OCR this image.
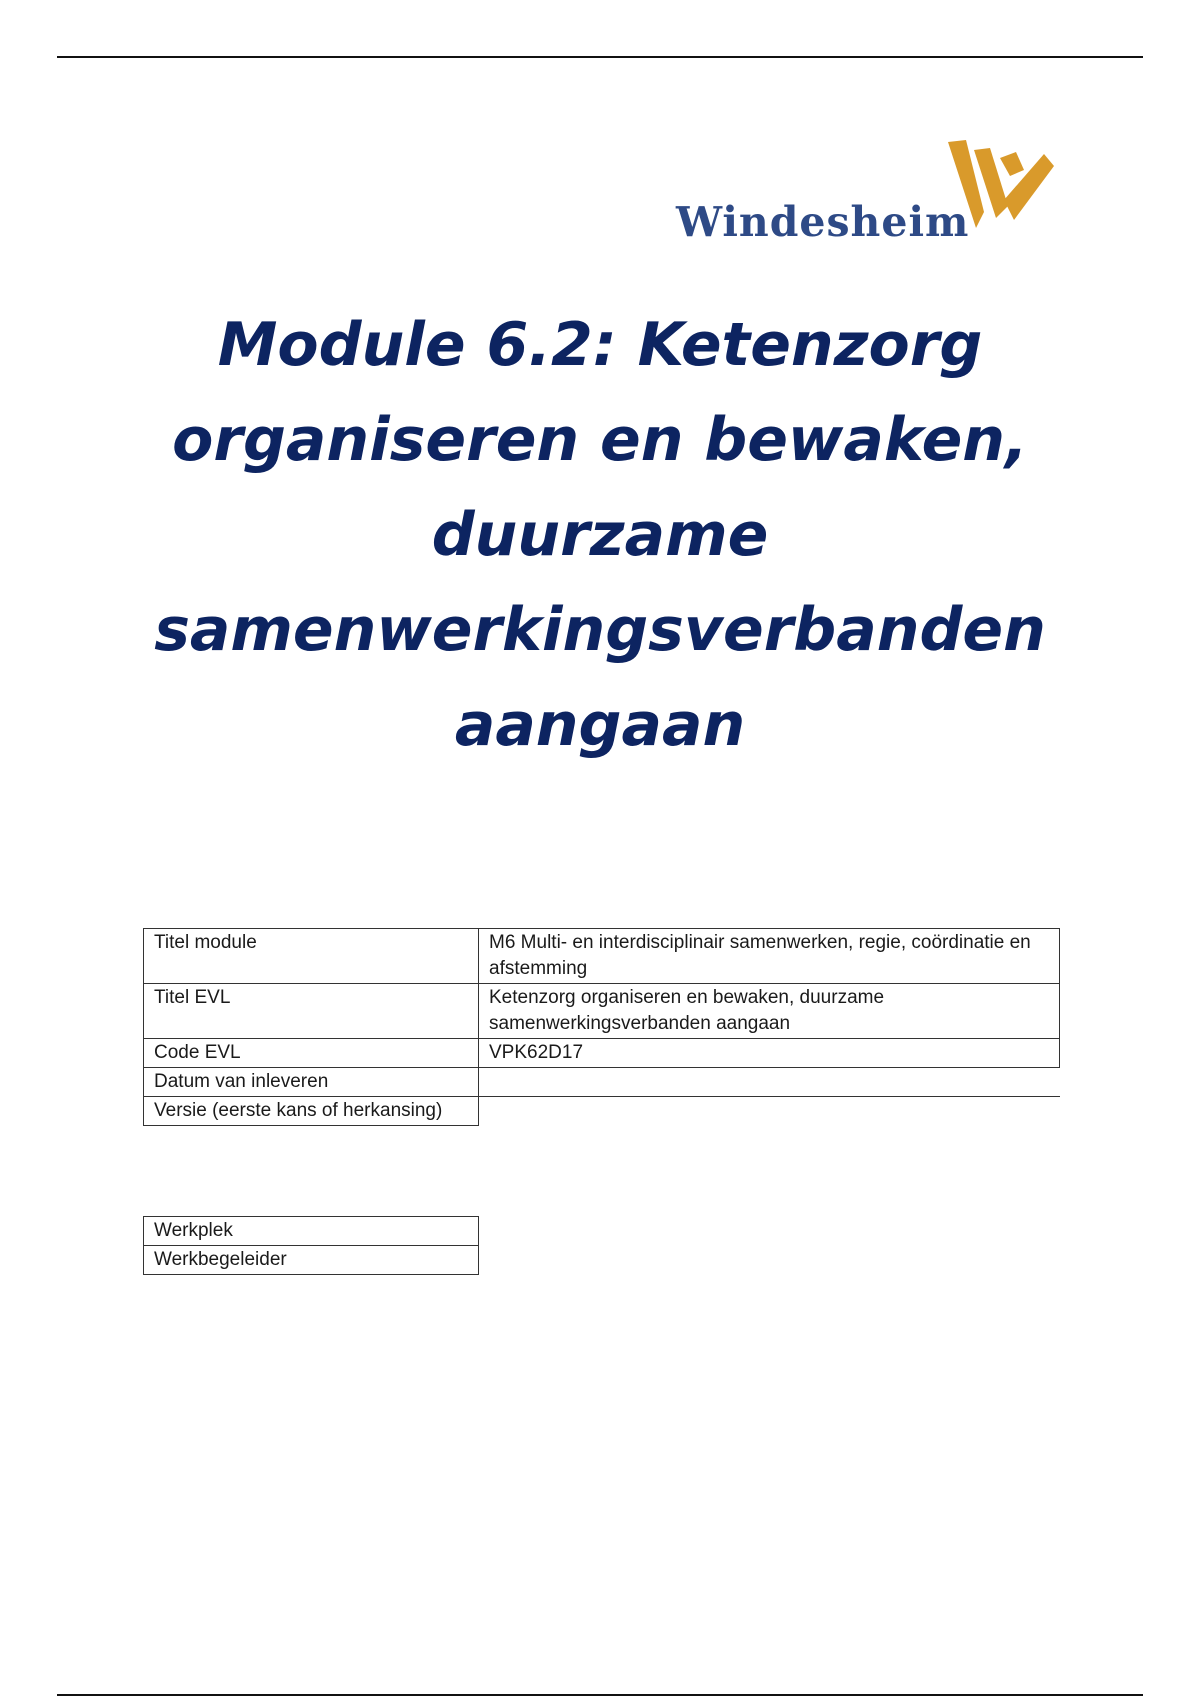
Windesheim
Module 6.2: Ketenzorg
organiseren en bewaken,
duurzame
samenwerkingsverbanden
aangaan
Titel module	M6 Multi- en interdisciplinair samenwerken, regie, coördinatie en afstemming
Titel EVL	Ketenzorg organiseren en bewaken, duurzame samenwerkingsverbanden aangaan
Code EVL	VPK62D17
Datum van inleveren	
Versie (eerste kans of herkansing)	
Werkplek
Werkbegeleider
